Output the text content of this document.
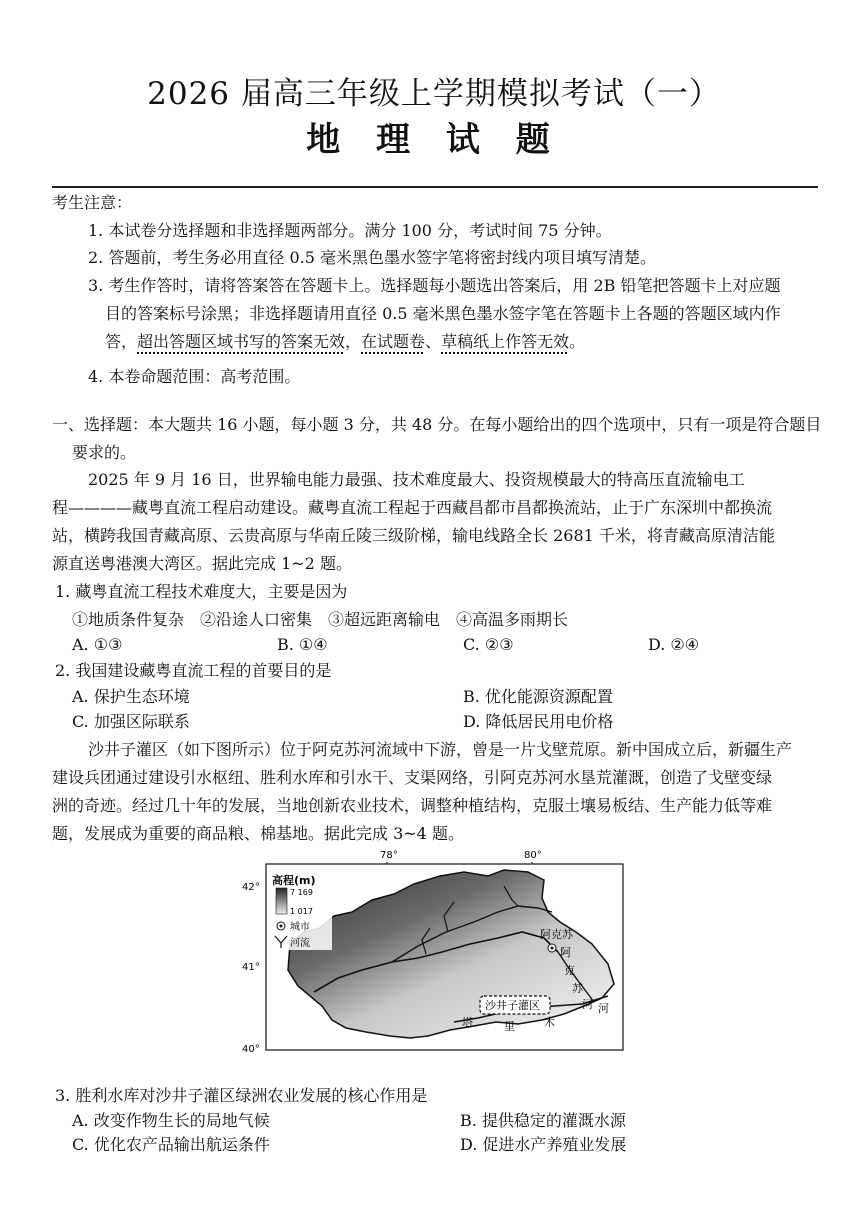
2026 届高三年级上学期模拟考试（一）
地 理 试 题
考生注意：
1. 本试卷分选择题和非选择题两部分。满分 100 分，考试时间 75 分钟。
2. 答题前，考生务必用直径 0.5 毫米黑色墨水签字笔将密封线内项目填写清楚。
3. 考生作答时，请将答案答在答题卡上。选择题每小题选出答案后，用 2B 铅笔把答题卡上对应题
目的答案标号涂黑；非选择题请用直径 0.5 毫米黑色墨水签字笔在答题卡上各题的答题区域内作
答，超出答题区域书写的答案无效，在试题卷、草稿纸上作答无效。
4. 本卷命题范围：高考范围。
一、选择题：本大题共 16 小题，每小题 3 分，共 48 分。在每小题给出的四个选项中，只有一项是符合题目
要求的。
2025 年 9 月 16 日，世界输电能力最强、技术难度最大、投资规模最大的特高压直流输电工
程————藏粤直流工程启动建设。藏粤直流工程起于西藏昌都市昌都换流站，止于广东深圳中都换流
站，横跨我国青藏高原、云贵高原与华南丘陵三级阶梯，输电线路全长 2681 千米，将青藏高原清洁能
源直送粤港澳大湾区。据此完成 1~2 题。
1. 藏粤直流工程技术难度大，主要是因为
①地质条件复杂　②沿途人口密集　③超远距离输电　④高温多雨期长
A. ①③	B. ①④	C. ②③	D. ②④
2. 我国建设藏粤直流工程的首要目的是
A. 保护生态环境	B. 优化能源资源配置
C. 加强区际联系	D. 降低居民用电价格
沙井子灌区（如下图所示）位于阿克苏河流域中下游，曾是一片戈壁荒原。新中国成立后，新疆生产
建设兵团通过建设引水枢纽、胜利水库和引水干、支渠网络，引阿克苏河水垦荒灌溉，创造了戈壁变绿
洲的奇迹。经过几十年的发展，当地创新农业技术，调整种植结构，克服土壤易板结、生产能力低等难
题，发展成为重要的商品粮、棉基地。据此完成 3~4 题。
78°	80°
42°
41°
40°
高程(m)
7 169
1 017
城市
河流
阿克苏
阿
克
苏
河
沙井子灌区
塔	里	木
河
3. 胜利水库对沙井子灌区绿洲农业发展的核心作用是
A. 改变作物生长的局地气候	B. 提供稳定的灌溉水源
C. 优化农产品输出航运条件	D. 促进水产养殖业发展
